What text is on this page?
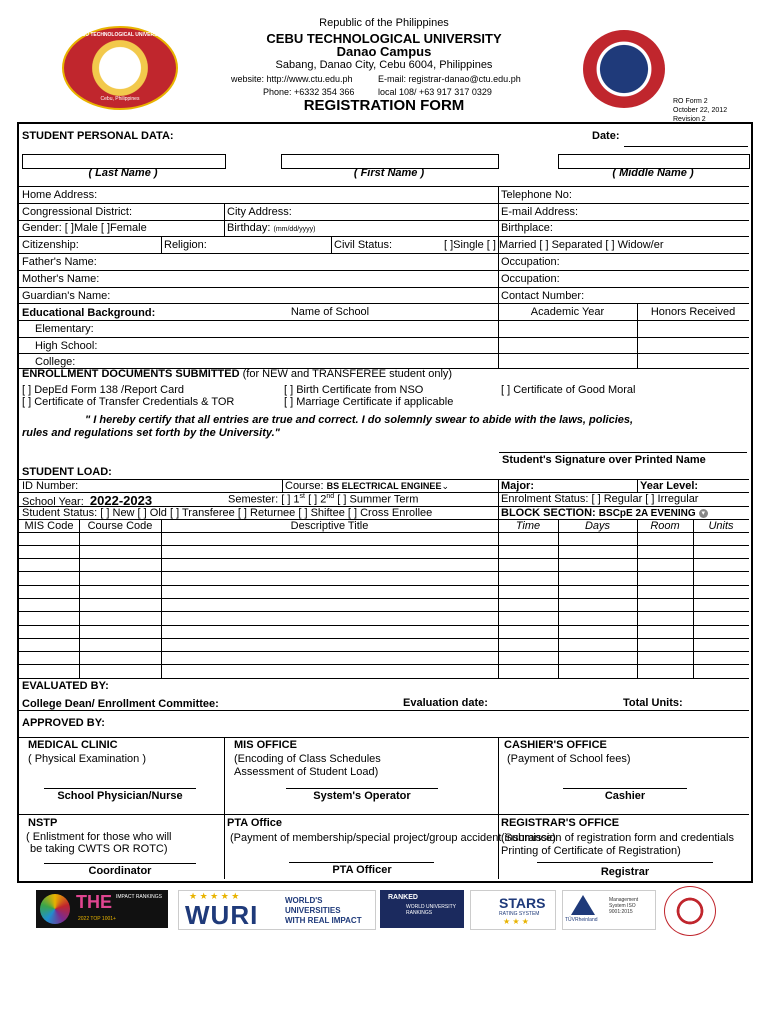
CEBU TECHNOLOGICAL UNIVERSITY
Cebu, Philippines
Republic of the Philippines
CEBU TECHNOLOGICAL UNIVERSITY
Danao Campus
Sabang, Danao City, Cebu 6004, Philippines
website: http://www.ctu.edu.ph	E-mail: registrar-danao@ctu.edu.ph
Phone: +6332 354 366	local 108/ +63 917 317 0329
REGISTRATION FORM	RO Form 2
October 22, 2012
Revision 2
STUDENT PERSONAL DATA:	Date:
( Last Name )	( First Name )	( Middle Name )
Home Address:	Telephone No:
Congressional District:	City Address:	E-mail Address:
Gender: [ ]Male [ ]Female	Birthday: (mm/dd/yyyy)	Birthplace:
Citizenship:	Religion:	Civil Status:	[ ]Single [ ] Married [ ] Separated [ ] Widow/er
Father's Name:	Occupation:
Mother's Name:	Occupation:
Guardian's Name:	Contact Number:
Educational Background:	Name of School	Academic Year	Honors Received
Elementary:
High School:
College:
ENROLLMENT DOCUMENTS SUBMITTED (for NEW and TRANSFEREE student only)
[ ] DepEd Form 138 /Report Card	[ ] Birth Certificate from NSO	[ ] Certificate of Good Moral
[ ] Certificate of Transfer Credentials & TOR	[ ] Marriage Certificate if applicable
" I hereby certify that all entries are true and correct. I do solemnly swear to abide with the laws, policies,
rules and regulations set forth by the University."
Student's Signature over Printed Name
STUDENT LOAD:
ID Number:	Course: BS ELECTRICAL ENGINEE⌄	Major:	Year Level:
School Year: 2022-2023	Semester: [ ] 1st [ ] 2nd [ ] Summer Term	Enrolment Status: [ ] Regular [ ] Irregular
Student Status: [ ] New [ ] Old [ ] Transferee [ ] Returnee [ ] Shiftee [ ] Cross Enrollee	BLOCK SECTION: BSCpE 2A EVENING ▾
MIS Code	Course Code	Descriptive Title	Time	Days	Room	Units
EVALUATED BY:
College Dean/ Enrollment Committee:	Evaluation date:	Total Units:
APPROVED BY:
MEDICAL CLINIC
( Physical Examination )
School Physician/Nurse
MIS OFFICE
(Encoding of Class Schedules
Assessment of Student Load)
System's Operator
CASHIER'S OFFICE
(Payment of School fees)
Cashier
NSTP
( Enlistment for those who will
be taking CWTS OR ROTC)
Coordinator
PTA Office
(Payment of membership/special project/group accident insurance)
PTA Officer
REGISTRAR'S OFFICE
(Submission of registration form and credentials
Printing of Certificate of Registration)
Registrar
THE IMPACT RANKINGS
2022 TOP 1001+
★ ★ ★ ★ ★
WURI	WORLD'S
UNIVERSITIES
WITH REAL IMPACT
RANKED
WORLD UNIVERSITY RANKINGS
STARS
RATING SYSTEM
★ ★ ★	TÜVRheinland
Management System ISO 9001:2015
